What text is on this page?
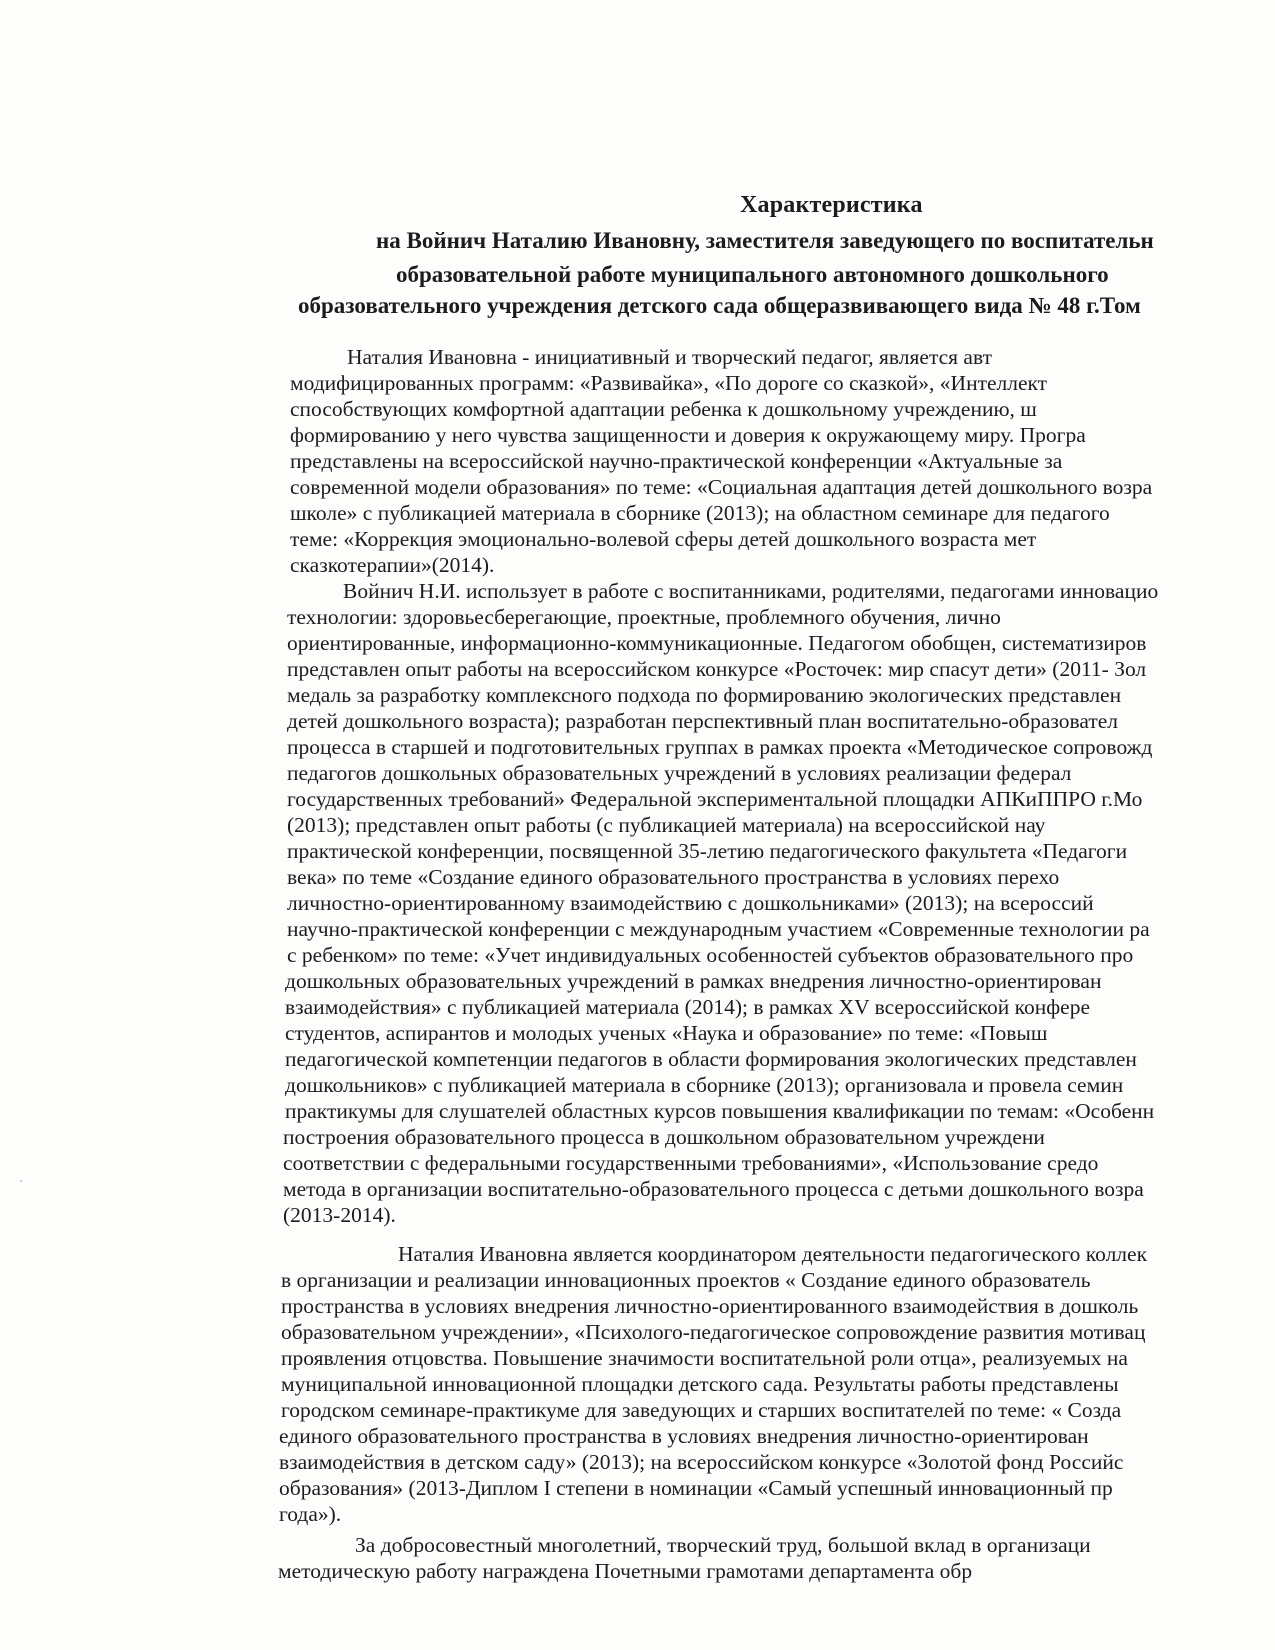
Характеристика
на Войнич Наталию Ивановну, заместителя заведующего по воспитательн
образовательной работе муниципального автономного дошкольного
образовательного учреждения детского сада общеразвивающего вида № 48 г.Том
Наталия Ивановна - инициативный и творческий педагог, является авт
модифицированных программ: «Развивайка», «По дороге со сказкой», «Интеллект
способствующих комфортной адаптации ребенка к дошкольному учреждению, ш
формированию у него чувства защищенности и доверия к окружающему миру. Програ
представлены на всероссийской научно-практической конференции «Актуальные за
современной модели образования» по теме: «Социальная адаптация детей дошкольного возра
школе» с публикацией материала в сборнике (2013); на областном семинаре для педагого
теме: «Коррекция эмоционально-волевой сферы детей дошкольного возраста мет
сказкотерапии»(2014).
Войнич Н.И. использует в работе с воспитанниками, родителями, педагогами инновацио
технологии: здоровьесберегающие, проектные, проблемного обучения, лично
ориентированные, информационно-коммуникационные. Педагогом обобщен, систематизиров
представлен опыт работы на всероссийском конкурсе «Росточек: мир спасут дети» (2011- Зол
медаль за разработку комплексного подхода по формированию экологических представлен
детей дошкольного возраста); разработан перспективный план воспитательно-образовател
процесса в старшей и подготовительных группах в рамках проекта «Методическое сопровожд
педагогов дошкольных образовательных учреждений в условиях реализации федерал
государственных требований» Федеральной экспериментальной площадки АПКиППРО г.Мо
(2013); представлен опыт работы (с публикацией материала) на всероссийской нау
практической конференции, посвященной 35-летию педагогического факультета «Педагоги
века» по теме «Создание единого образовательного пространства в условиях перехо
личностно-ориентированному взаимодействию с дошкольниками» (2013); на всероссий
научно-практической конференции с международным участием «Современные технологии ра
с ребенком» по теме: «Учет индивидуальных особенностей субъектов образовательного про
дошкольных образовательных учреждений в рамках внедрения личностно-ориентирован
взаимодействия» с публикацией материала (2014); в рамках XV всероссийской конфере
студентов, аспирантов и молодых ученых «Наука и образование» по теме: «Повыш
педагогической компетенции педагогов в области формирования экологических представлен
дошкольников» с публикацией материала в сборнике (2013); организовала и провела семин
практикумы для слушателей областных курсов повышения квалификации по темам: «Особенн
построения образовательного процесса в дошкольном образовательном учреждени
соответствии с федеральными государственными требованиями», «Использование средо
метода в организации воспитательно-образовательного процесса с детьми дошкольного возра
(2013-2014).
Наталия Ивановна является координатором деятельности педагогического коллек
в организации и реализации инновационных проектов « Создание единого образователь
пространства в условиях внедрения личностно-ориентированного взаимодействия в дошколь
образовательном учреждении», «Психолого-педагогическое сопровождение развития мотивац
проявления отцовства. Повышение значимости воспитательной роли отца», реализуемых на
муниципальной инновационной площадки детского сада. Результаты работы представлены
городском семинаре-практикуме для заведующих и старших воспитателей по теме: « Созда
единого образовательного пространства в условиях внедрения личностно-ориентирован
взаимодействия в детском саду» (2013); на всероссийском конкурсе «Золотой фонд Российс
образования» (2013-Диплом I степени в номинации «Самый успешный инновационный пр
года»).
За добросовестный многолетний, творческий труд, большой вклад в организаци
методическую работу награждена Почетными грамотами департамента обр
